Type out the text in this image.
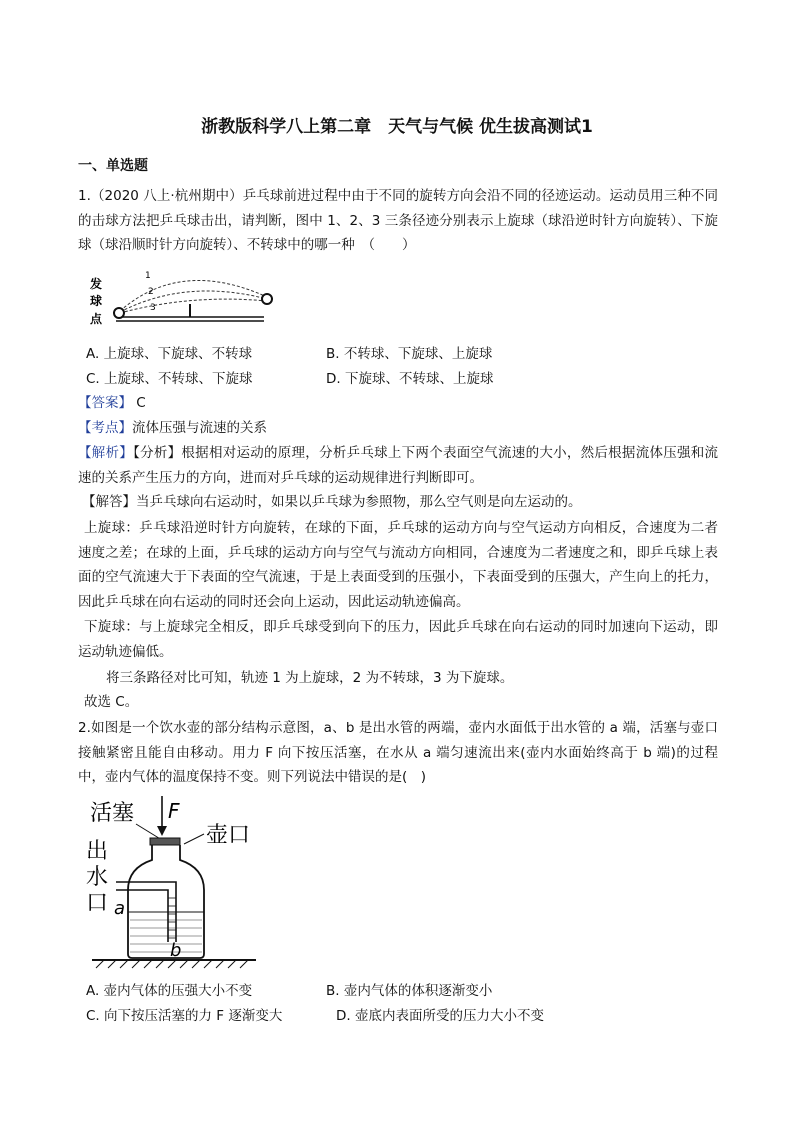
浙教版科学八上第二章　天气与气候 优生拔高测试1
一、单选题
1.（2020 八上·杭州期中）乒乓球前进过程中由于不同的旋转方向会沿不同的径迹运动。运动员用三种不同的击球方法把乒乓球击出，请判断，图中 1、2、3 三条径迹分别表示上旋球（球沿逆时针方向旋转）、下旋球（球沿顺时针方向旋转）、不转球中的哪一种　（　　）
发
球
点
1
2
3
A. 上旋球、下旋球、不转球	B. 不转球、下旋球、上旋球
C. 上旋球、不转球、下旋球	D. 下旋球、不转球、上旋球
【答案】 C
【考点】流体压强与流速的关系
【解析】【分析】根据相对运动的原理，分析乒乓球上下两个表面空气流速的大小，然后根据流体压强和流速的关系产生压力的方向，进而对乒乓球的运动规律进行判断即可。
【解答】当乒乓球向右运动时，如果以乒乓球为参照物，那么空气则是向左运动的。
上旋球：乒乓球沿逆时针方向旋转，在球的下面，乒乓球的运动方向与空气运动方向相反，合速度为二者速度之差；在球的上面，乒乓球的运动方向与空气与流动方向相同，合速度为二者速度之和，即乒乓球上表面的空气流速大于下表面的空气流速，于是上表面受到的压强小，下表面受到的压强大，产生向上的托力，因此乒乓球在向右运动的同时还会向上运动，因此运动轨迹偏高。
下旋球：与上旋球完全相反，即乒乓球受到向下的压力，因此乒乓球在向右运动的同时加速向下运动，即运动轨迹偏低。
将三条路径对比可知，轨迹 1 为上旋球，2 为不转球，3 为下旋球。
故选 C。
2.如图是一个饮水壶的部分结构示意图，a、b 是出水管的两端，壶内水面低于出水管的 a 端，活塞与壶口接触紧密且能自由移动。用力 F 向下按压活塞，在水从 a 端匀速流出来(壶内水面始终高于 b 端)的过程中，壶内气体的温度保持不变。则下列说法中错误的是(　)
活塞 F
壶口
出
水
口 a
b
A. 壶内气体的压强大小不变	B. 壶内气体的体积逐渐变小
C. 向下按压活塞的力 F 逐渐变大	D. 壶底内表面所受的压力大小不变
